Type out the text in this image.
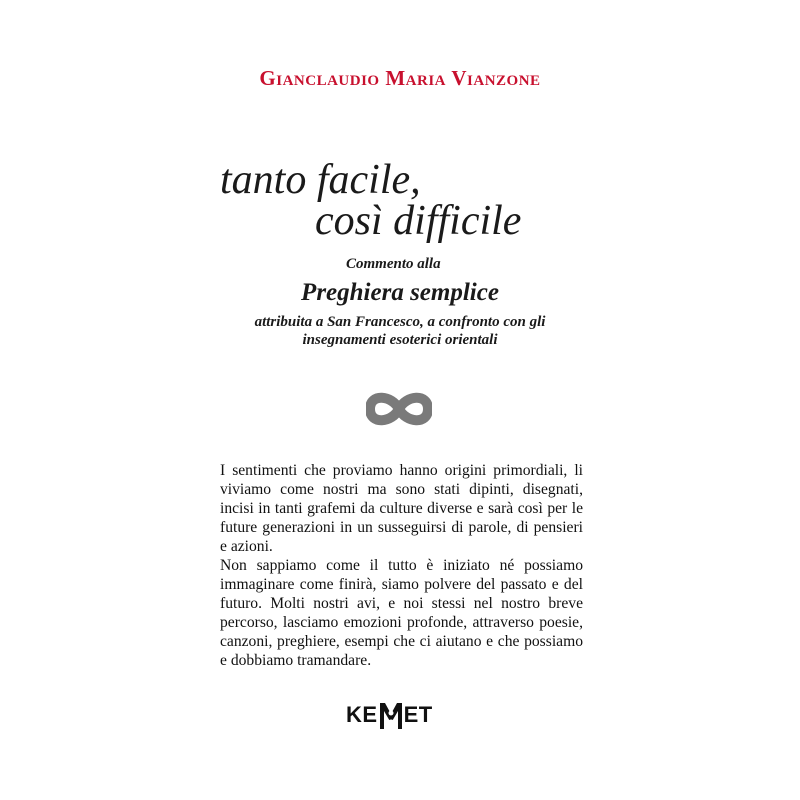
Gianclaudio Maria Vianzone
tanto facile,
così difficile
Commento alla
Preghiera semplice
attribuita a San Francesco, a confronto con gli
insegnamenti esoterici orientali

I sentimenti che proviamo hanno origini primordiali, li viviamo come nostri ma sono stati dipinti, disegnati, incisi in tanti grafemi da culture diverse e sarà così per le future generazioni in un susseguirsi di parole, di pensieri e azioni.

Non sappiamo come il tutto è iniziato né possiamo immaginare come finirà, siamo polvere del passato e del futuro. Molti nostri avi, e noi stessi nel nostro breve percorso, lasciamo emozioni profonde, attraverso poesie, canzoni, preghiere, esempi che ci aiutano e che possiamo e dobbiamo tramandare.

KE ET
